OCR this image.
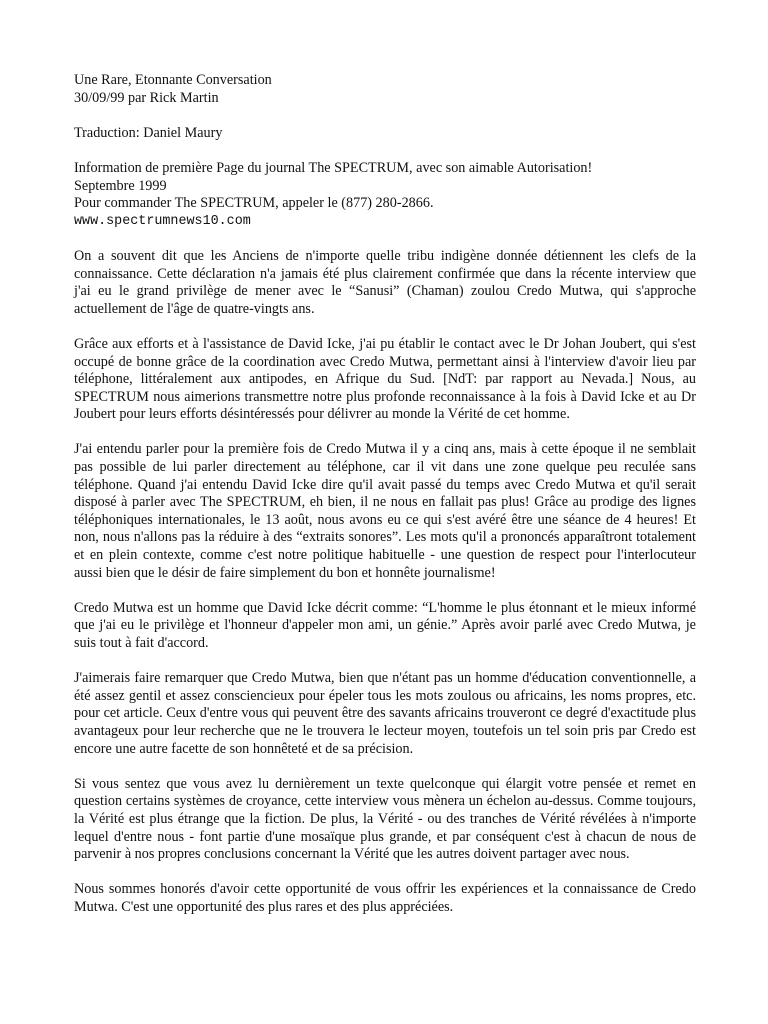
Une Rare, Etonnante Conversation
30/09/99 par Rick Martin
Traduction: Daniel Maury
Information de première Page du journal The SPECTRUM, avec son aimable Autorisation!
Septembre 1999
Pour commander The SPECTRUM, appeler le (877) 280-2866.
www.spectrumnews10.com

On a souvent dit que les Anciens de n'importe quelle tribu indigène donnée détiennent les clefs de la connaissance. Cette déclaration n'a jamais été plus clairement confirmée que dans la récente interview que j'ai eu le grand privilège de mener avec le “Sanusi” (Chaman) zoulou Credo Mutwa, qui s'approche actuellement de l'âge de quatre-vingts ans.

Grâce aux efforts et à l'assistance de David Icke, j'ai pu établir le contact avec le Dr Johan Joubert, qui s'est occupé de bonne grâce de la coordination avec Credo Mutwa, permettant ainsi à l'interview d'avoir lieu par téléphone, littéralement aux antipodes, en Afrique du Sud. [NdT: par rapport au Nevada.] Nous, au SPECTRUM nous aimerions transmettre notre plus profonde reconnaissance à la fois à David Icke et au Dr Joubert pour leurs efforts désintéressés pour délivrer au monde la Vérité de cet homme.

J'ai entendu parler pour la première fois de Credo Mutwa il y a cinq ans, mais à cette époque il ne semblait pas possible de lui parler directement au téléphone, car il vit dans une zone quelque peu reculée sans téléphone. Quand j'ai entendu David Icke dire qu'il avait passé du temps avec Credo Mutwa et qu'il serait disposé à parler avec The SPECTRUM, eh bien, il ne nous en fallait pas plus! Grâce au prodige des lignes téléphoniques internationales, le 13 août, nous avons eu ce qui s'est avéré être une séance de 4 heures! Et non, nous n'allons pas la réduire à des “extraits sonores”. Les mots qu'il a prononcés apparaîtront totalement et en plein contexte, comme c'est notre politique habituelle - une question de respect pour l'interlocuteur aussi bien que le désir de faire simplement du bon et honnête journalisme!

Credo Mutwa est un homme que David Icke décrit comme: “L'homme le plus étonnant et le mieux informé que j'ai eu le privilège et l'honneur d'appeler mon ami, un génie.” Après avoir parlé avec Credo Mutwa, je suis tout à fait d'accord.

J'aimerais faire remarquer que Credo Mutwa, bien que n'étant pas un homme d'éducation conventionnelle, a été assez gentil et assez consciencieux pour épeler tous les mots zoulous ou africains, les noms propres, etc. pour cet article. Ceux d'entre vous qui peuvent être des savants africains trouveront ce degré d'exactitude plus avantageux pour leur recherche que ne le trouvera le lecteur moyen, toutefois un tel soin pris par Credo est encore une autre facette de son honnêteté et de sa précision.

Si vous sentez que vous avez lu dernièrement un texte quelconque qui élargit votre pensée et remet en question certains systèmes de croyance, cette interview vous mènera un échelon au-dessus. Comme toujours, la Vérité est plus étrange que la fiction. De plus, la Vérité - ou des tranches de Vérité révélées à n'importe lequel d'entre nous - font partie d'une mosaïque plus grande, et par conséquent c'est à chacun de nous de parvenir à nos propres conclusions concernant la Vérité que les autres doivent partager avec nous.

Nous sommes honorés d'avoir cette opportunité de vous offrir les expériences et la connaissance de Credo Mutwa. C'est une opportunité des plus rares et des plus appréciées.
